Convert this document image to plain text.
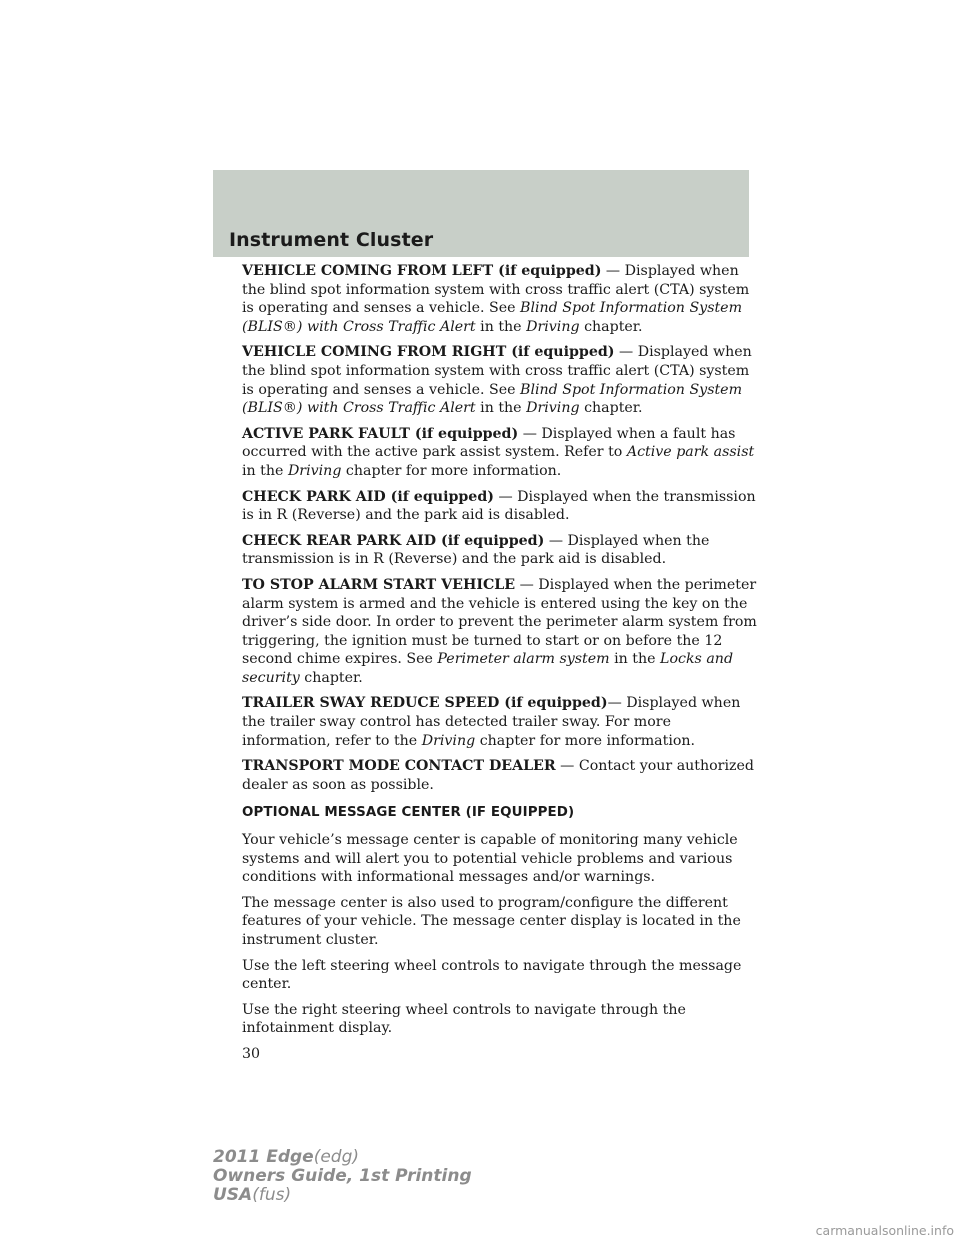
Instrument Cluster

VEHICLE COMING FROM LEFT (if equipped) — Displayed when the blind spot information system with cross traffic alert (CTA) system is operating and senses a vehicle. See Blind Spot Information System (BLIS®) with Cross Traffic Alert in the Driving chapter.

VEHICLE COMING FROM RIGHT (if equipped) — Displayed when the blind spot information system with cross traffic alert (CTA) system is operating and senses a vehicle. See Blind Spot Information System (BLIS®) with Cross Traffic Alert in the Driving chapter.

ACTIVE PARK FAULT (if equipped) — Displayed when a fault has occurred with the active park assist system. Refer to Active park assist in the Driving chapter for more information.

CHECK PARK AID (if equipped) — Displayed when the transmission is in R (Reverse) and the park aid is disabled.

CHECK REAR PARK AID (if equipped) — Displayed when the transmission is in R (Reverse) and the park aid is disabled.

TO STOP ALARM START VEHICLE — Displayed when the perimeter alarm system is armed and the vehicle is entered using the key on the driver’s side door. In order to prevent the perimeter alarm system from triggering, the ignition must be turned to start or on before the 12 second chime expires. See Perimeter alarm system in the Locks and security chapter.

TRAILER SWAY REDUCE SPEED (if equipped)— Displayed when the trailer sway control has detected trailer sway. For more information, refer to the Driving chapter for more information.

TRANSPORT MODE CONTACT DEALER — Contact your authorized dealer as soon as possible.

OPTIONAL MESSAGE CENTER (IF EQUIPPED)

Your vehicle’s message center is capable of monitoring many vehicle systems and will alert you to potential vehicle problems and various conditions with informational messages and/or warnings.

The message center is also used to program/configure the different features of your vehicle. The message center display is located in the instrument cluster.

Use the left steering wheel controls to navigate through the message center.

Use the right steering wheel controls to navigate through the infotainment display.

30

2011 Edge(edg)
Owners Guide, 1st Printing
USA(fus)
carmanualsonline.info
